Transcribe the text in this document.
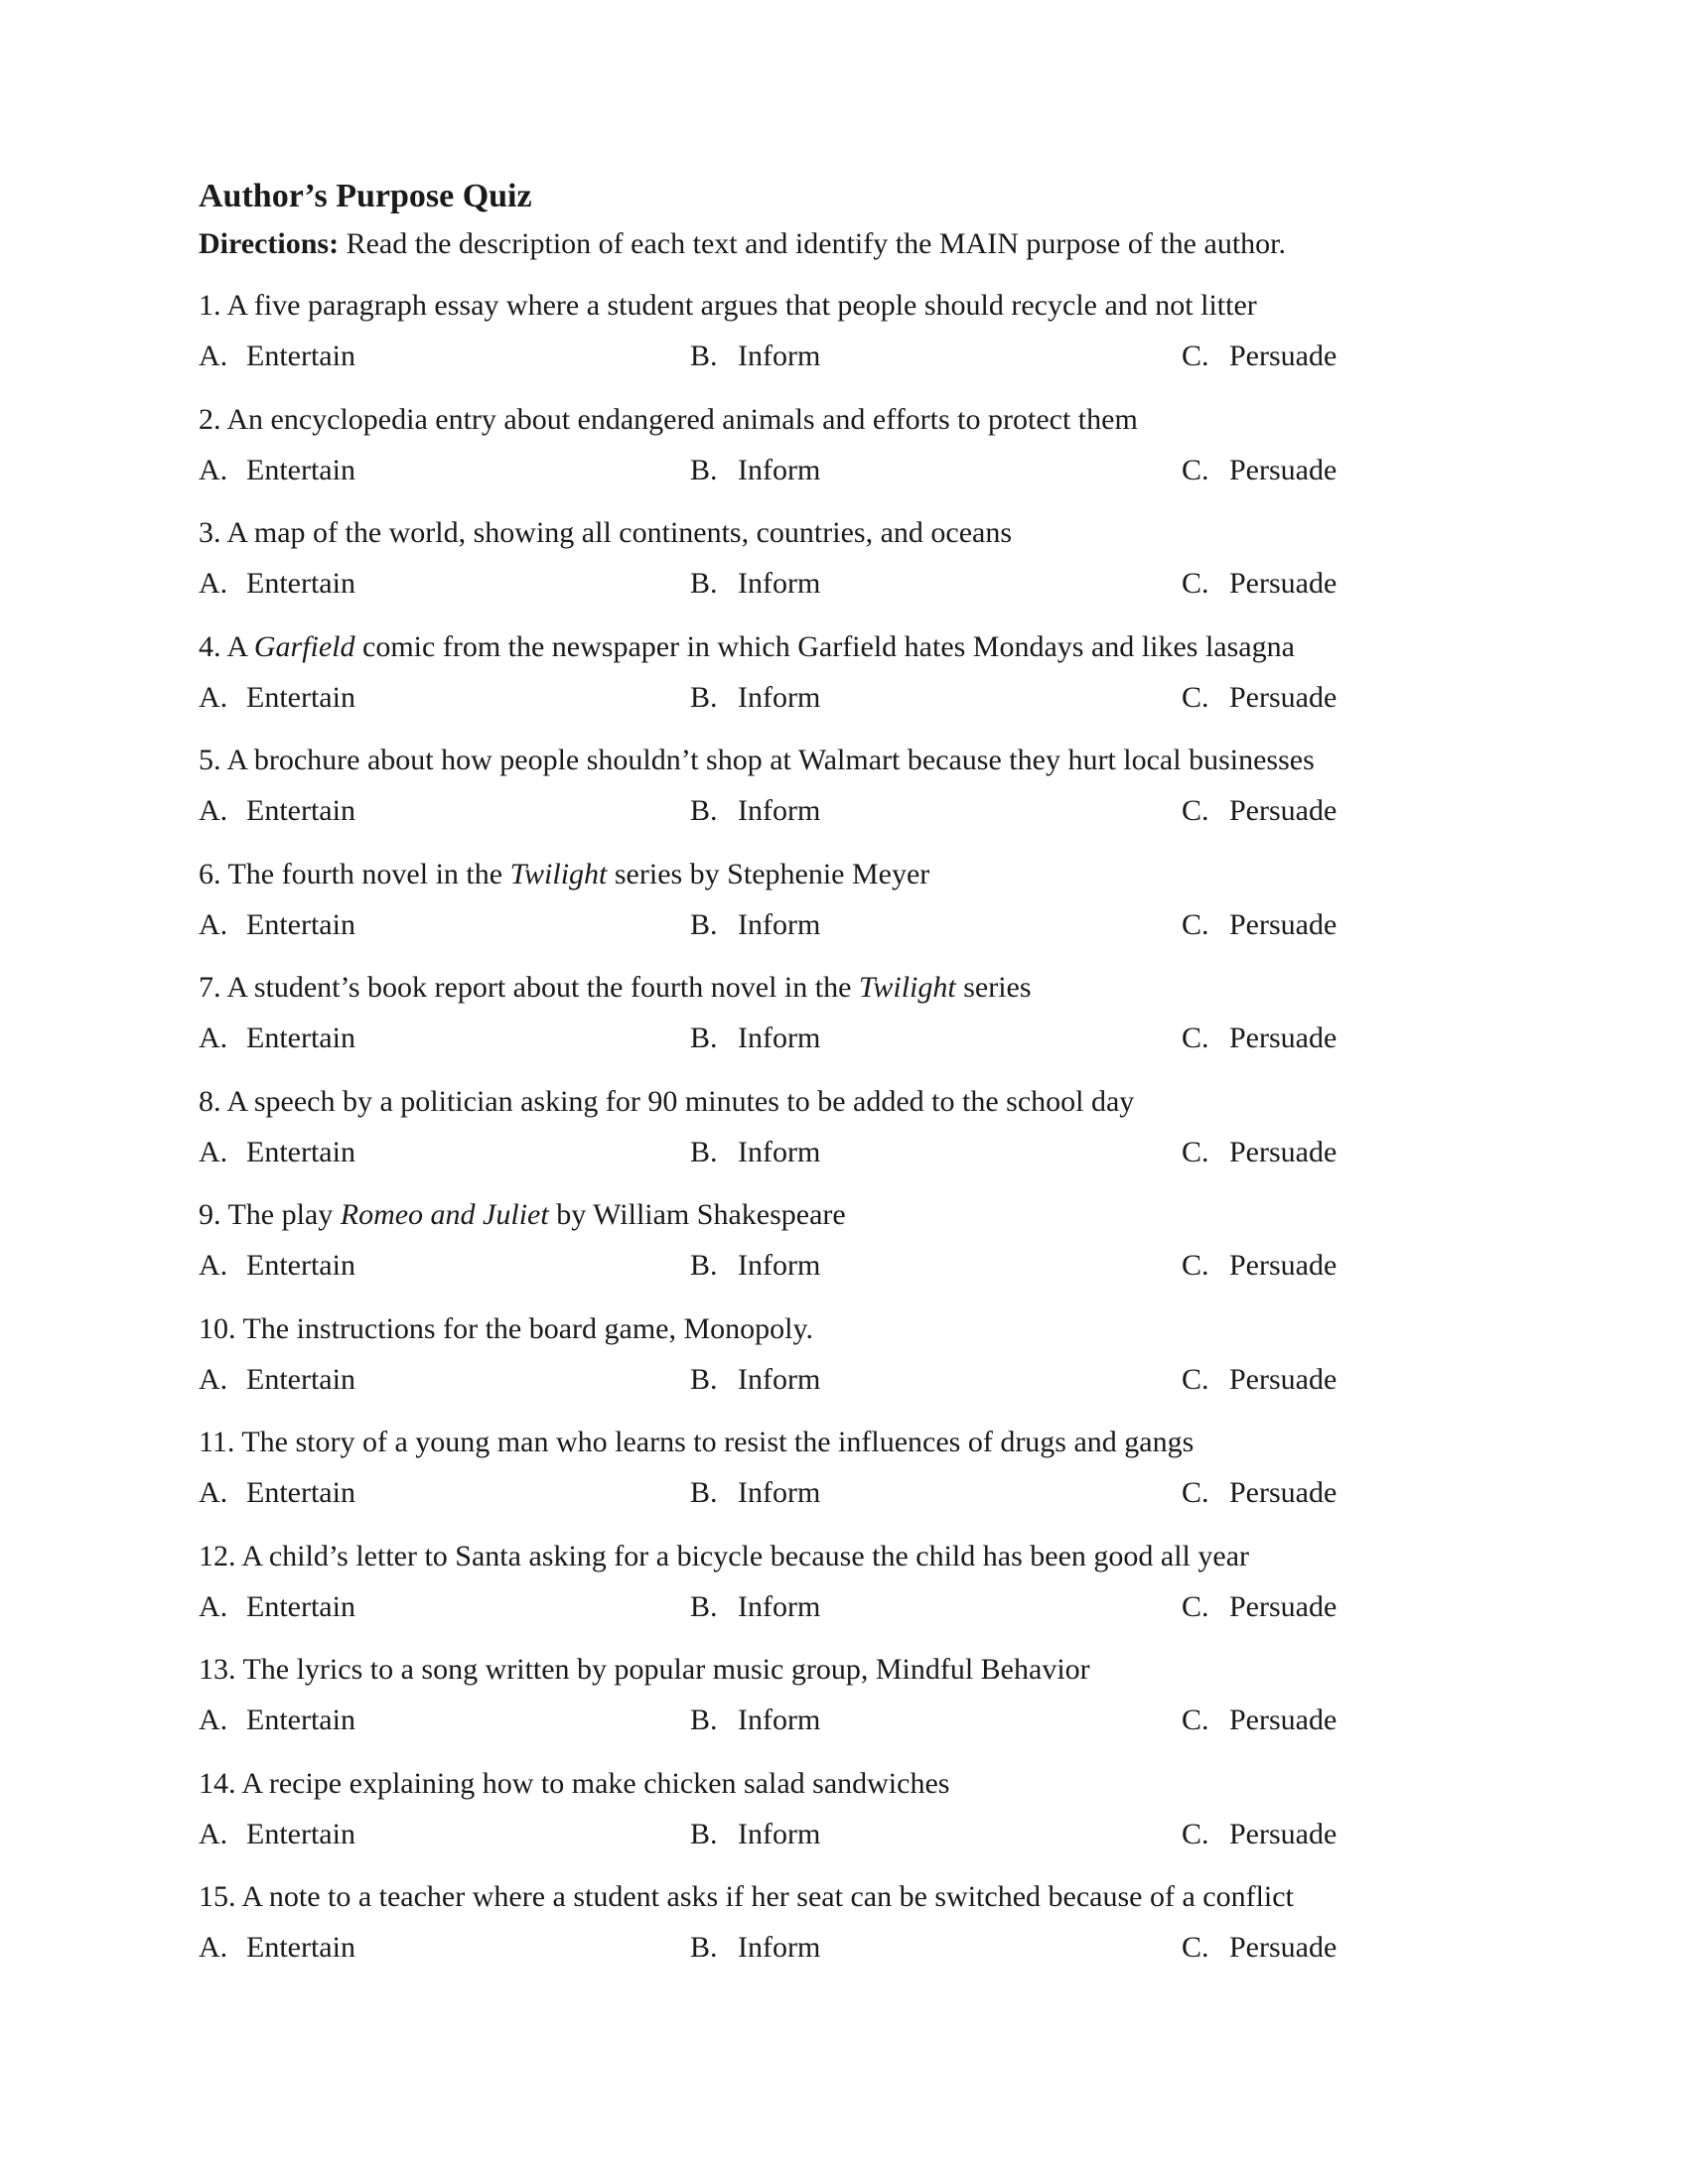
Author’s Purpose Quiz

Directions: Read the description of each text and identify the MAIN purpose of the author.

1. A five paragraph essay where a student argues that people should recycle and not litter
A. Entertain	B. Inform	C. Persuade
2. An encyclopedia entry about endangered animals and efforts to protect them
A. Entertain	B. Inform	C. Persuade
3. A map of the world, showing all continents, countries, and oceans
A. Entertain	B. Inform	C. Persuade
4. A Garfield comic from the newspaper in which Garfield hates Mondays and likes lasagna
A. Entertain	B. Inform	C. Persuade
5. A brochure about how people shouldn’t shop at Walmart because they hurt local businesses
A. Entertain	B. Inform	C. Persuade
6. The fourth novel in the Twilight series by Stephenie Meyer
A. Entertain	B. Inform	C. Persuade
7. A student’s book report about the fourth novel in the Twilight series
A. Entertain	B. Inform	C. Persuade
8. A speech by a politician asking for 90 minutes to be added to the school day
A. Entertain	B. Inform	C. Persuade
9. The play Romeo and Juliet by William Shakespeare
A. Entertain	B. Inform	C. Persuade
10. The instructions for the board game, Monopoly.
A. Entertain	B. Inform	C. Persuade
11. The story of a young man who learns to resist the influences of drugs and gangs
A. Entertain	B. Inform	C. Persuade
12. A child’s letter to Santa asking for a bicycle because the child has been good all year
A. Entertain	B. Inform	C. Persuade
13. The lyrics to a song written by popular music group, Mindful Behavior
A. Entertain	B. Inform	C. Persuade
14. A recipe explaining how to make chicken salad sandwiches
A. Entertain	B. Inform	C. Persuade
15. A note to a teacher where a student asks if her seat can be switched because of a conflict
A. Entertain	B. Inform	C. Persuade
